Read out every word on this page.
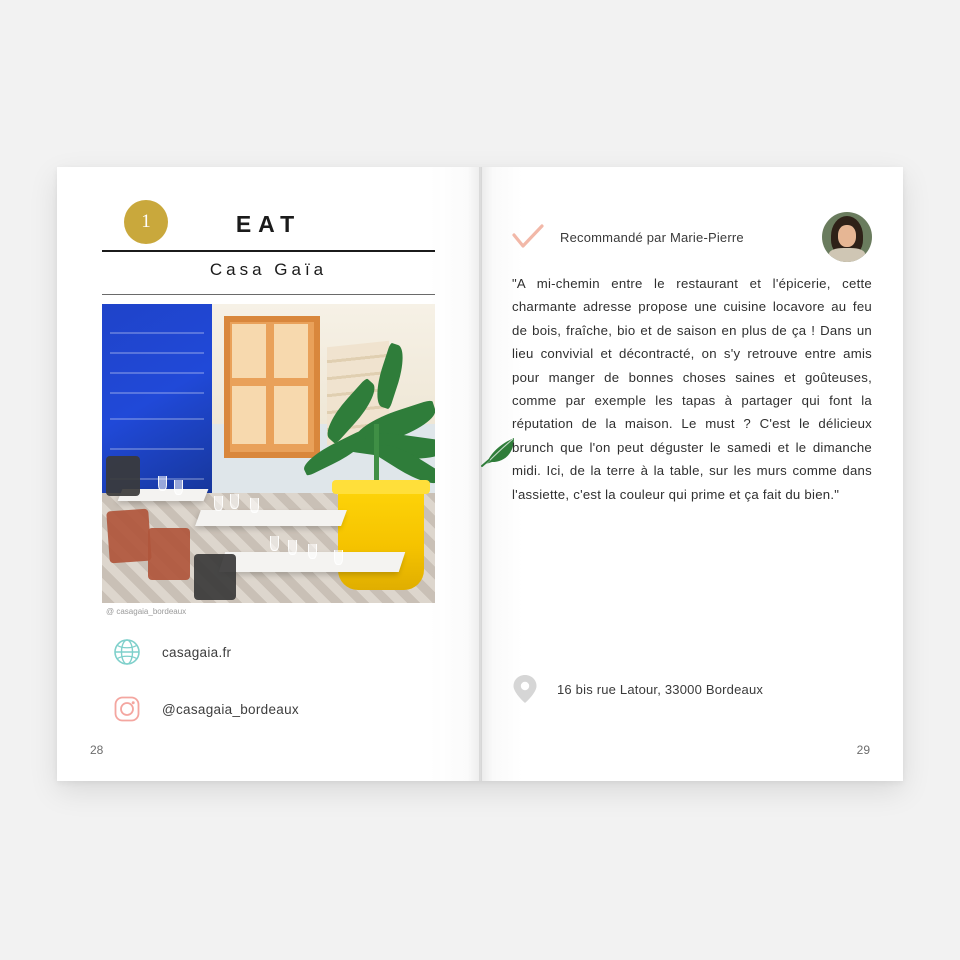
1	EAT
Casa Gaïa
@ casagaia_bordeaux
casagaia.fr
@casagaia_bordeaux
28
Recommandé par Marie-Pierre
"A mi-chemin entre le restaurant et l'épicerie, cette charmante adresse propose une cuisine locavore au feu de bois, fraîche, bio et de saison en plus de ça ! Dans un lieu convivial et décontracté, on s'y retrouve entre amis pour manger de bonnes choses saines et goûteuses, comme par exemple les tapas à partager qui font la réputation de la maison. Le must ? C'est le délicieux brunch que l'on peut déguster le samedi et le dimanche midi. Ici, de la terre à la table, sur les murs comme dans l'assiette, c'est la couleur qui prime et ça fait du bien."
16 bis rue Latour, 33000 Bordeaux
29
